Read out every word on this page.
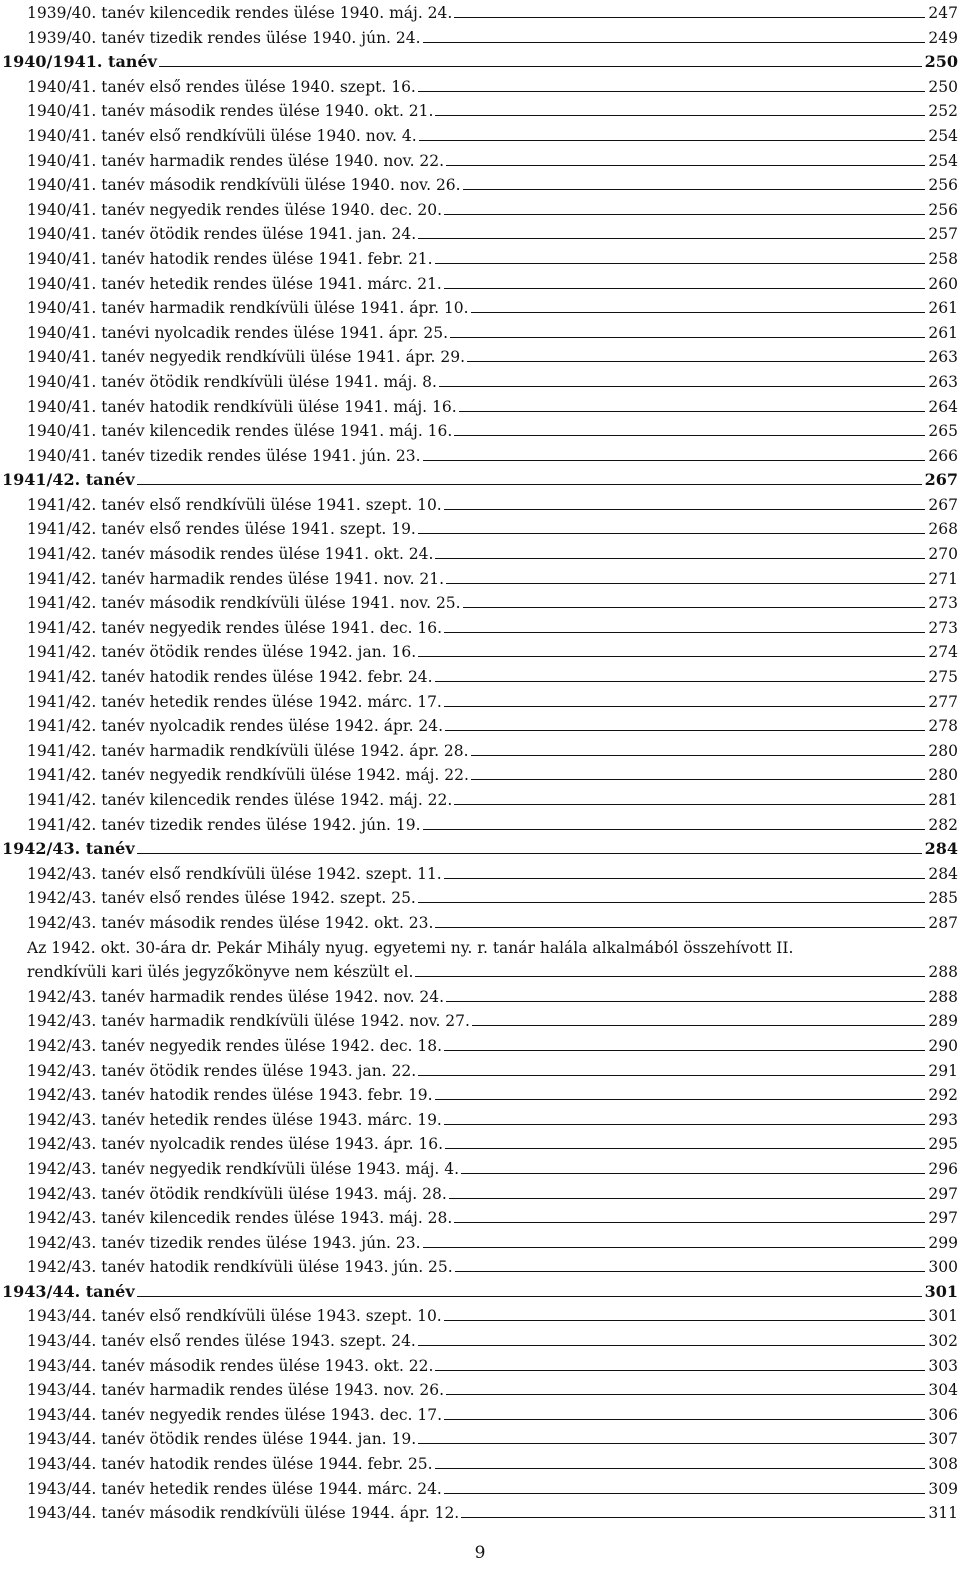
1939/40. tanév kilencedik rendes ülése 1940. máj. 24.	247
1939/40. tanév tizedik rendes ülése 1940. jún. 24.	249
1940/1941. tanév	250
1940/41. tanév első rendes ülése 1940. szept. 16.	250
1940/41. tanév második rendes ülése 1940. okt. 21.	252
1940/41. tanév első rendkívüli ülése 1940. nov. 4.	254
1940/41. tanév harmadik rendes ülése 1940. nov. 22.	254
1940/41. tanév második rendkívüli ülése 1940. nov. 26.	256
1940/41. tanév negyedik rendes ülése 1940. dec. 20.	256
1940/41. tanév ötödik rendes ülése 1941. jan. 24.	257
1940/41. tanév hatodik rendes ülése 1941. febr. 21.	258
1940/41. tanév hetedik rendes ülése 1941. márc. 21.	260
1940/41. tanév harmadik rendkívüli ülése 1941. ápr. 10.	261
1940/41. tanévi nyolcadik rendes ülése 1941. ápr. 25.	261
1940/41. tanév negyedik rendkívüli ülése 1941. ápr. 29.	263
1940/41. tanév ötödik rendkívüli ülése 1941. máj. 8.	263
1940/41. tanév hatodik rendkívüli ülése 1941. máj. 16.	264
1940/41. tanév kilencedik rendes ülése 1941. máj. 16.	265
1940/41. tanév tizedik rendes ülése 1941. jún. 23.	266
1941/42. tanév	267
1941/42. tanév első rendkívüli ülése 1941. szept. 10.	267
1941/42. tanév első rendes ülése 1941. szept. 19.	268
1941/42. tanév második rendes ülése 1941. okt. 24.	270
1941/42. tanév harmadik rendes ülése 1941. nov. 21.	271
1941/42. tanév második rendkívüli ülése 1941. nov. 25.	273
1941/42. tanév negyedik rendes ülése 1941. dec. 16.	273
1941/42. tanév ötödik rendes ülése 1942. jan. 16.	274
1941/42. tanév hatodik rendes ülése 1942. febr. 24.	275
1941/42. tanév hetedik rendes ülése 1942. márc. 17.	277
1941/42. tanév nyolcadik rendes ülése 1942. ápr. 24.	278
1941/42. tanév harmadik rendkívüli ülése 1942. ápr. 28.	280
1941/42. tanév negyedik rendkívüli ülése 1942. máj. 22.	280
1941/42. tanév kilencedik rendes ülése 1942. máj. 22.	281
1941/42. tanév tizedik rendes ülése 1942. jún. 19.	282
1942/43. tanév	284
1942/43. tanév első rendkívüli ülése 1942. szept. 11.	284
1942/43. tanév első rendes ülése 1942. szept. 25.	285
1942/43. tanév második rendes ülése 1942. okt. 23.	287
Az 1942. okt. 30-ára dr. Pekár Mihály nyug. egyetemi ny. r. tanár halála alkalmából összehívott II.
rendkívüli kari ülés jegyzőkönyve nem készült el.	288
1942/43. tanév harmadik rendes ülése 1942. nov. 24.	288
1942/43. tanév harmadik rendkívüli ülése 1942. nov. 27.	289
1942/43. tanév negyedik rendes ülése 1942. dec. 18.	290
1942/43. tanév ötödik rendes ülése 1943. jan. 22.	291
1942/43. tanév hatodik rendes ülése 1943. febr. 19.	292
1942/43. tanév hetedik rendes ülése 1943. márc. 19.	293
1942/43. tanév nyolcadik rendes ülése 1943. ápr. 16.	295
1942/43. tanév negyedik rendkívüli ülése 1943. máj. 4.	296
1942/43. tanév ötödik rendkívüli ülése 1943. máj. 28.	297
1942/43. tanév kilencedik rendes ülése 1943. máj. 28.	297
1942/43. tanév tizedik rendes ülése 1943. jún. 23.	299
1942/43. tanév hatodik rendkívüli ülése 1943. jún. 25.	300
1943/44. tanév	301
1943/44. tanév első rendkívüli ülése 1943. szept. 10.	301
1943/44. tanév első rendes ülése 1943. szept. 24.	302
1943/44. tanév második rendes ülése 1943. okt. 22.	303
1943/44. tanév harmadik rendes ülése 1943. nov. 26.	304
1943/44. tanév negyedik rendes ülése 1943. dec. 17.	306
1943/44. tanév ötödik rendes ülése 1944. jan. 19.	307
1943/44. tanév hatodik rendes ülése 1944. febr. 25.	308
1943/44. tanév hetedik rendes ülése 1944. márc. 24.	309
1943/44. tanév második rendkívüli ülése 1944. ápr. 12.	311
9
